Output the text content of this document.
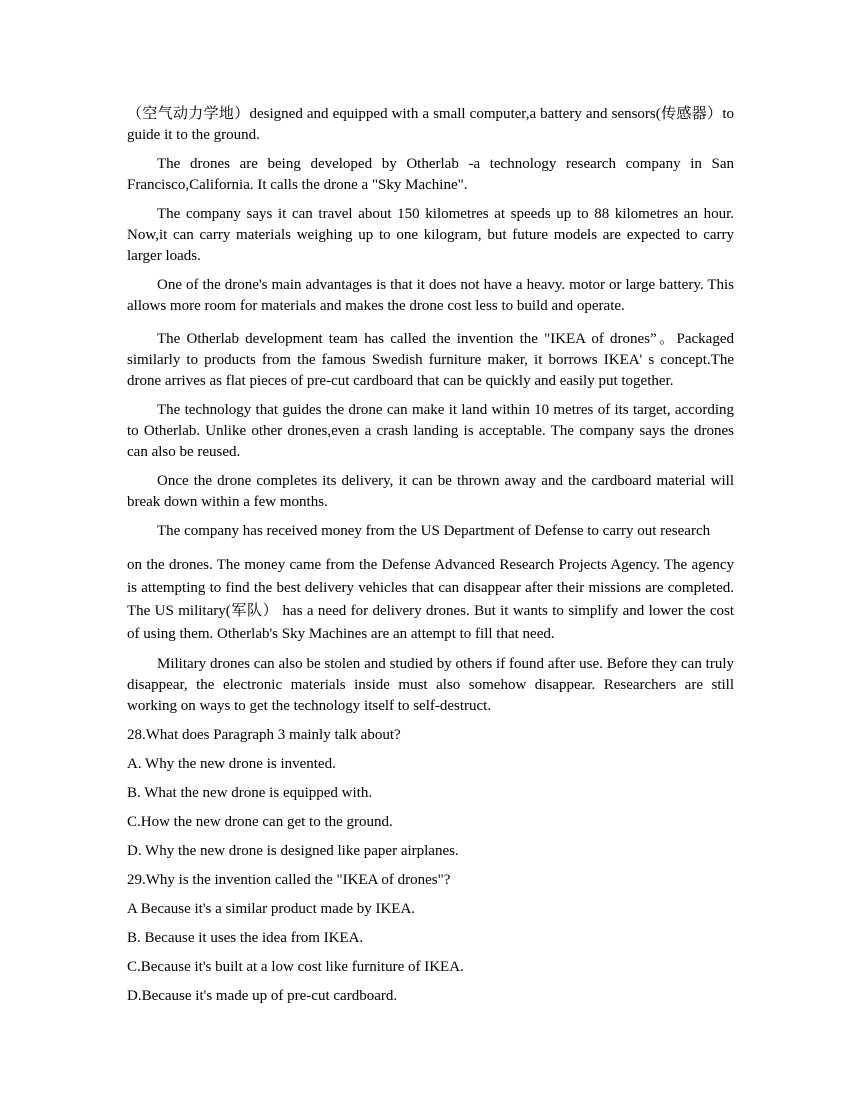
（空气动力学地）designed and equipped with a small computer,a battery and sensors(传感器）to guide it to the ground.

The drones are being developed by Otherlab -a technology research company in San Francisco,California. It calls the drone a "Sky Machine".

The company says it can travel about 150 kilometres at speeds up to 88 kilometres an hour. Now,it can carry materials weighing up to one kilogram, but future models are expected to carry larger loads.

One of the drone's main advantages is that it does not have a heavy. motor or large battery. This allows more room for materials and makes the drone cost less to build and operate.

The Otherlab development team has called the invention the "IKEA of drones”。Packaged similarly to products from the famous Swedish furniture maker, it borrows IKEA' s concept.The drone arrives as flat pieces of pre-cut cardboard that can be quickly and easily put together.

The technology that guides the drone can make it land within 10 metres of its target, according to Otherlab. Unlike other drones,even a crash landing is acceptable. The company says the drones can also be reused.

Once the drone completes its delivery, it can be thrown away and the cardboard material will break down within a few months.

The company has received money from the US Department of Defense to carry out research

on the drones. The money came from the Defense Advanced Research Projects Agency. The agency is attempting to find the best delivery vehicles that can disappear after their missions are completed. The US military(军队） has a need for delivery drones. But it wants to simplify and lower the cost of using them. Otherlab's Sky Machines are an attempt to fill that need.

Military drones can also be stolen and studied by others if found after use. Before they can truly disappear, the electronic materials inside must also somehow disappear. Researchers are still working on ways to get the technology itself to self-destruct.

28.What does Paragraph 3 mainly talk about?

A. Why the new drone is invented.

B. What the new drone is equipped with.

C.How the new drone can get to the ground.

D. Why the new drone is designed like paper airplanes.

29.Why is the invention called the "IKEA of drones"?

A Because it's a similar product made by IKEA.

B. Because it uses the idea from IKEA.

C.Because it's built at a low cost like furniture of IKEA.

D.Because it's made up of pre-cut cardboard.
